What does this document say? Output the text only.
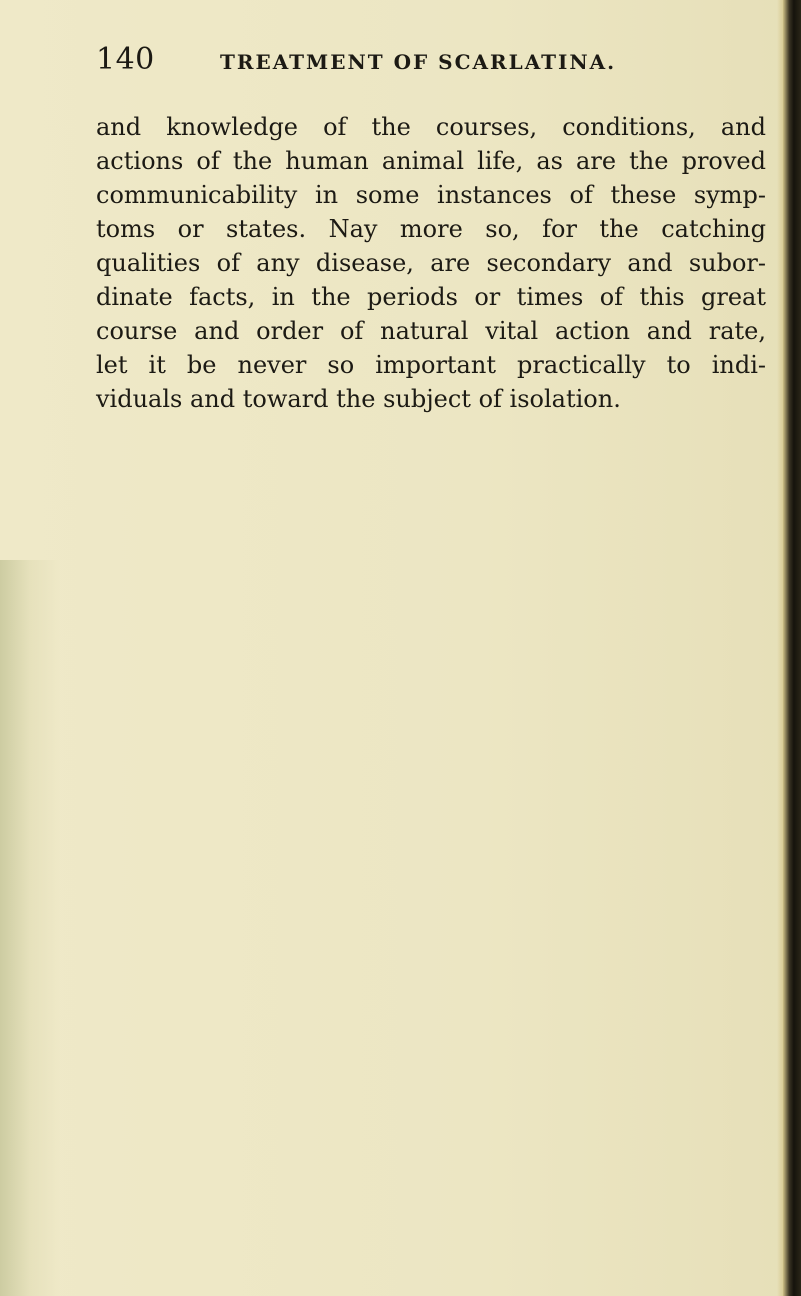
140	TREATMENT OF SCARLATINA.
and knowledge of the courses, conditions, and
actions of the human animal life, as are the proved
communicability in some instances of these symp-
toms or states. Nay more so, for the catching
qualities of any disease, are secondary and subor-
dinate facts, in the periods or times of this great
course and order of natural vital action and rate,
let it be never so important practically to indi-
viduals and toward the subject of isolation.
